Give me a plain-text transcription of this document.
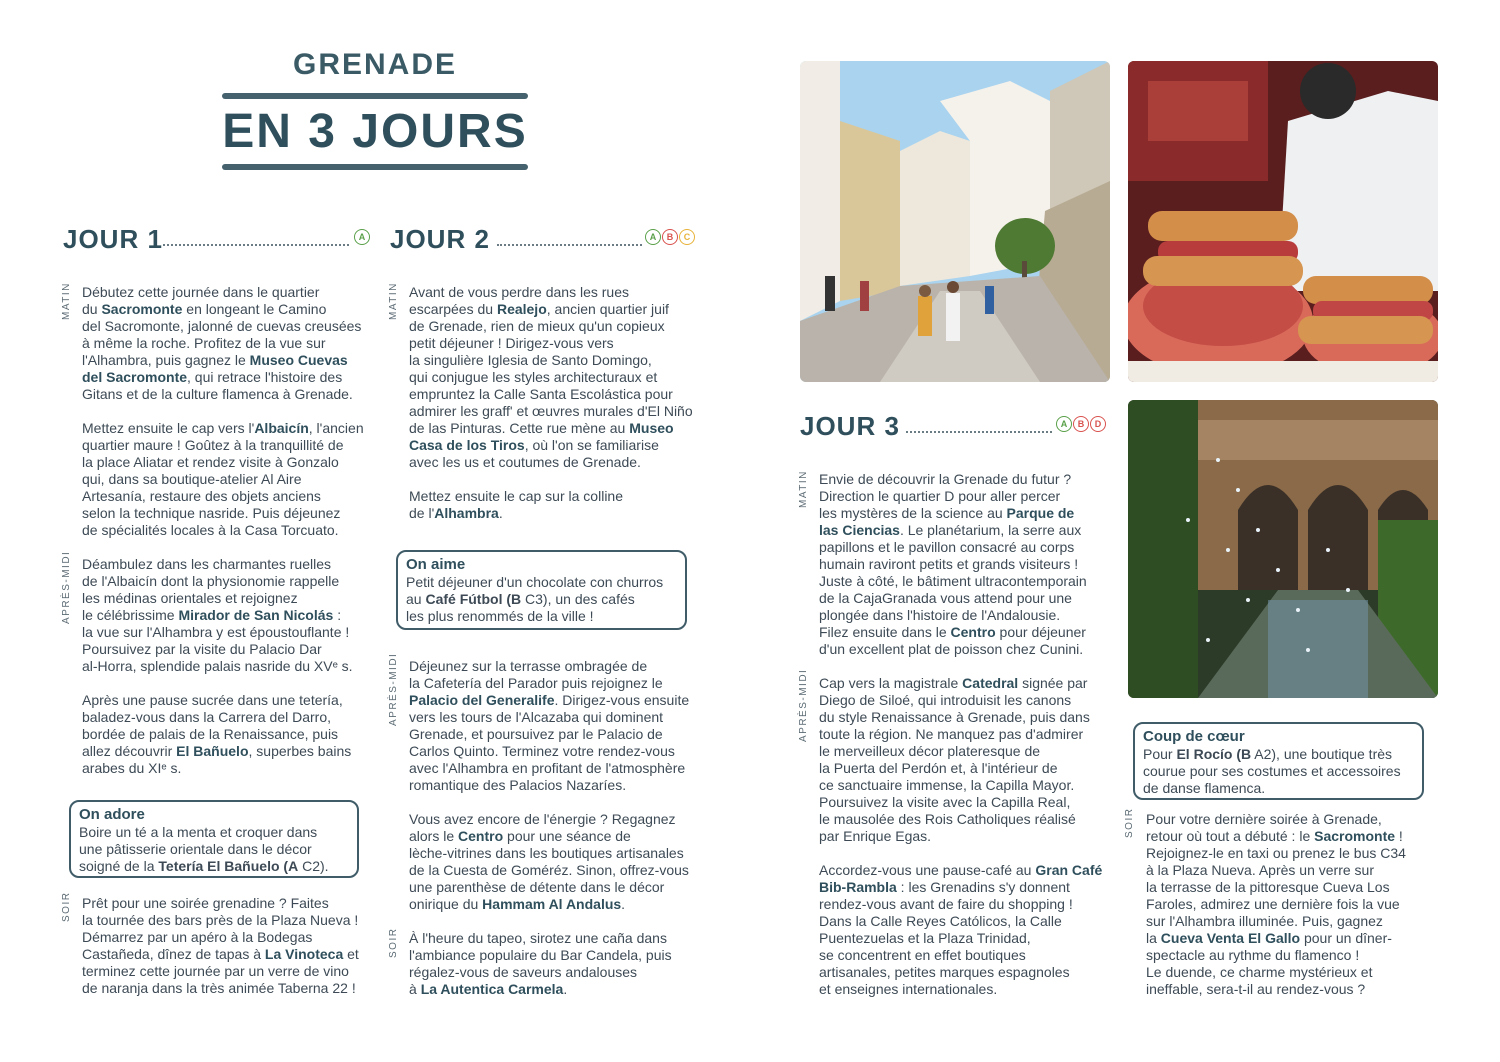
GRENADE
EN 3 JOURS
JOUR 1	A JOUR 2	A	B	C
JOUR 3	A	B	D
MATIN
APRÈS-MIDI
SOIR
MATIN
APRÈS-MIDI
SOIR
MATIN
APRÈS-MIDI
SOIR
Débutez cette journée dans le quartier
du Sacromonte en longeant le Camino
del Sacromonte, jalonné de cuevas creusées
à même la roche. Profitez de la vue sur
l'Alhambra, puis gagnez le Museo Cuevas
del Sacromonte, qui retrace l'histoire des
Gitans et de la culture flamenca à Grenade.
Mettez ensuite le cap vers l'Albaicín, l'ancien
quartier maure ! Goûtez à la tranquillité de
la place Aliatar et rendez visite à Gonzalo
qui, dans sa boutique-atelier Al Aire
Artesanía, restaure des objets anciens
selon la technique nasride. Puis déjeunez
de spécialités locales à la Casa Torcuato.
Déambulez dans les charmantes ruelles
de l'Albaicín dont la physionomie rappelle
les médinas orientales et rejoignez
le célébrissime Mirador de San Nicolás :
la vue sur l'Alhambra y est époustouflante !
Poursuivez par la visite du Palacio Dar
al-Horra, splendide palais nasride du XVᵉ s.
Après une pause sucrée dans une tetería,
baladez-vous dans la Carrera del Darro,
bordée de palais de la Renaissance, puis
allez découvrir El Bañuelo, superbes bains
arabes du XIᵉ s.
Prêt pour une soirée grenadine ? Faites
la tournée des bars près de la Plaza Nueva !
Démarrez par un apéro à la Bodegas
Castañeda, dînez de tapas à La Vinoteca et
terminez cette journée par un verre de vino
de naranja dans la très animée Taberna 22 !
Avant de vous perdre dans les rues
escarpées du Realejo, ancien quartier juif
de Grenade, rien de mieux qu'un copieux
petit déjeuner ! Dirigez-vous vers
la singulière Iglesia de Santo Domingo,
qui conjugue les styles architecturaux et
empruntez la Calle Santa Escolástica pour
admirer les graff' et œuvres murales d'El Niño
de las Pinturas. Cette rue mène au Museo
Casa de los Tiros, où l'on se familiarise
avec les us et coutumes de Grenade.
Mettez ensuite le cap sur la colline
de l'Alhambra.
Déjeunez sur la terrasse ombragée de
la Cafetería del Parador puis rejoignez le
Palacio del Generalife. Dirigez-vous ensuite
vers les tours de l'Alcazaba qui dominent
Grenade, et poursuivez par le Palacio de
Carlos Quinto. Terminez votre rendez-vous
avec l'Alhambra en profitant de l'atmosphère
romantique des Palacios Nazaríes.
Vous avez encore de l'énergie ? Regagnez
alors le Centro pour une séance de
lèche-vitrines dans les boutiques artisanales
de la Cuesta de Goméréz. Sinon, offrez-vous
une parenthèse de détente dans le décor
onirique du Hammam Al Andalus.
À l'heure du tapeo, sirotez une caña dans
l'ambiance populaire du Bar Candela, puis
régalez-vous de saveurs andalouses
à La Autentica Carmela.
Envie de découvrir la Grenade du futur ?
Direction le quartier D pour aller percer
les mystères de la science au Parque de
las Ciencias. Le planétarium, la serre aux
papillons et le pavillon consacré au corps
humain raviront petits et grands visiteurs !
Juste à côté, le bâtiment ultracontemporain
de la CajaGranada vous attend pour une
plongée dans l'histoire de l'Andalousie.
Filez ensuite dans le Centro pour déjeuner
d'un excellent plat de poisson chez Cunini.
Cap vers la magistrale Catedral signée par
Diego de Siloé, qui introduisit les canons
du style Renaissance à Grenade, puis dans
toute la région. Ne manquez pas d'admirer
le merveilleux décor plateresque de
la Puerta del Perdón et, à l'intérieur de
ce sanctuaire immense, la Capilla Mayor.
Poursuivez la visite avec la Capilla Real,
le mausolée des Rois Catholiques réalisé
par Enrique Egas.
Accordez-vous une pause-café au Gran Café
Bib-Rambla : les Grenadins s'y donnent
rendez-vous avant de faire du shopping !
Dans la Calle Reyes Católicos, la Calle
Puentezuelas et la Plaza Trinidad,
se concentrent en effet boutiques
artisanales, petites marques espagnoles
et enseignes internationales.
Pour votre dernière soirée à Grenade,
retour où tout a débuté : le Sacromonte !
Rejoignez-le en taxi ou prenez le bus C34
à la Plaza Nueva. Après un verre sur
la terrasse de la pittoresque Cueva Los
Faroles, admirez une dernière fois la vue
sur l'Alhambra illuminée. Puis, gagnez
la Cueva Venta El Gallo pour un dîner-
spectacle au rythme du flamenco !
Le duende, ce charme mystérieux et
ineffable, sera-t-il au rendez-vous ?
On adore
Boire un té a la menta et croquer dans
une pâtisserie orientale dans le décor
soigné de la Tetería El Bañuelo (A C2).
On aime
Petit déjeuner d'un chocolate con churros
au Café Fútbol (B C3), un des cafés
les plus renommés de la ville !
Coup de cœur
Pour El Rocío (B A2), une boutique très
courue pour ses costumes et accessoires
de danse flamenca.
